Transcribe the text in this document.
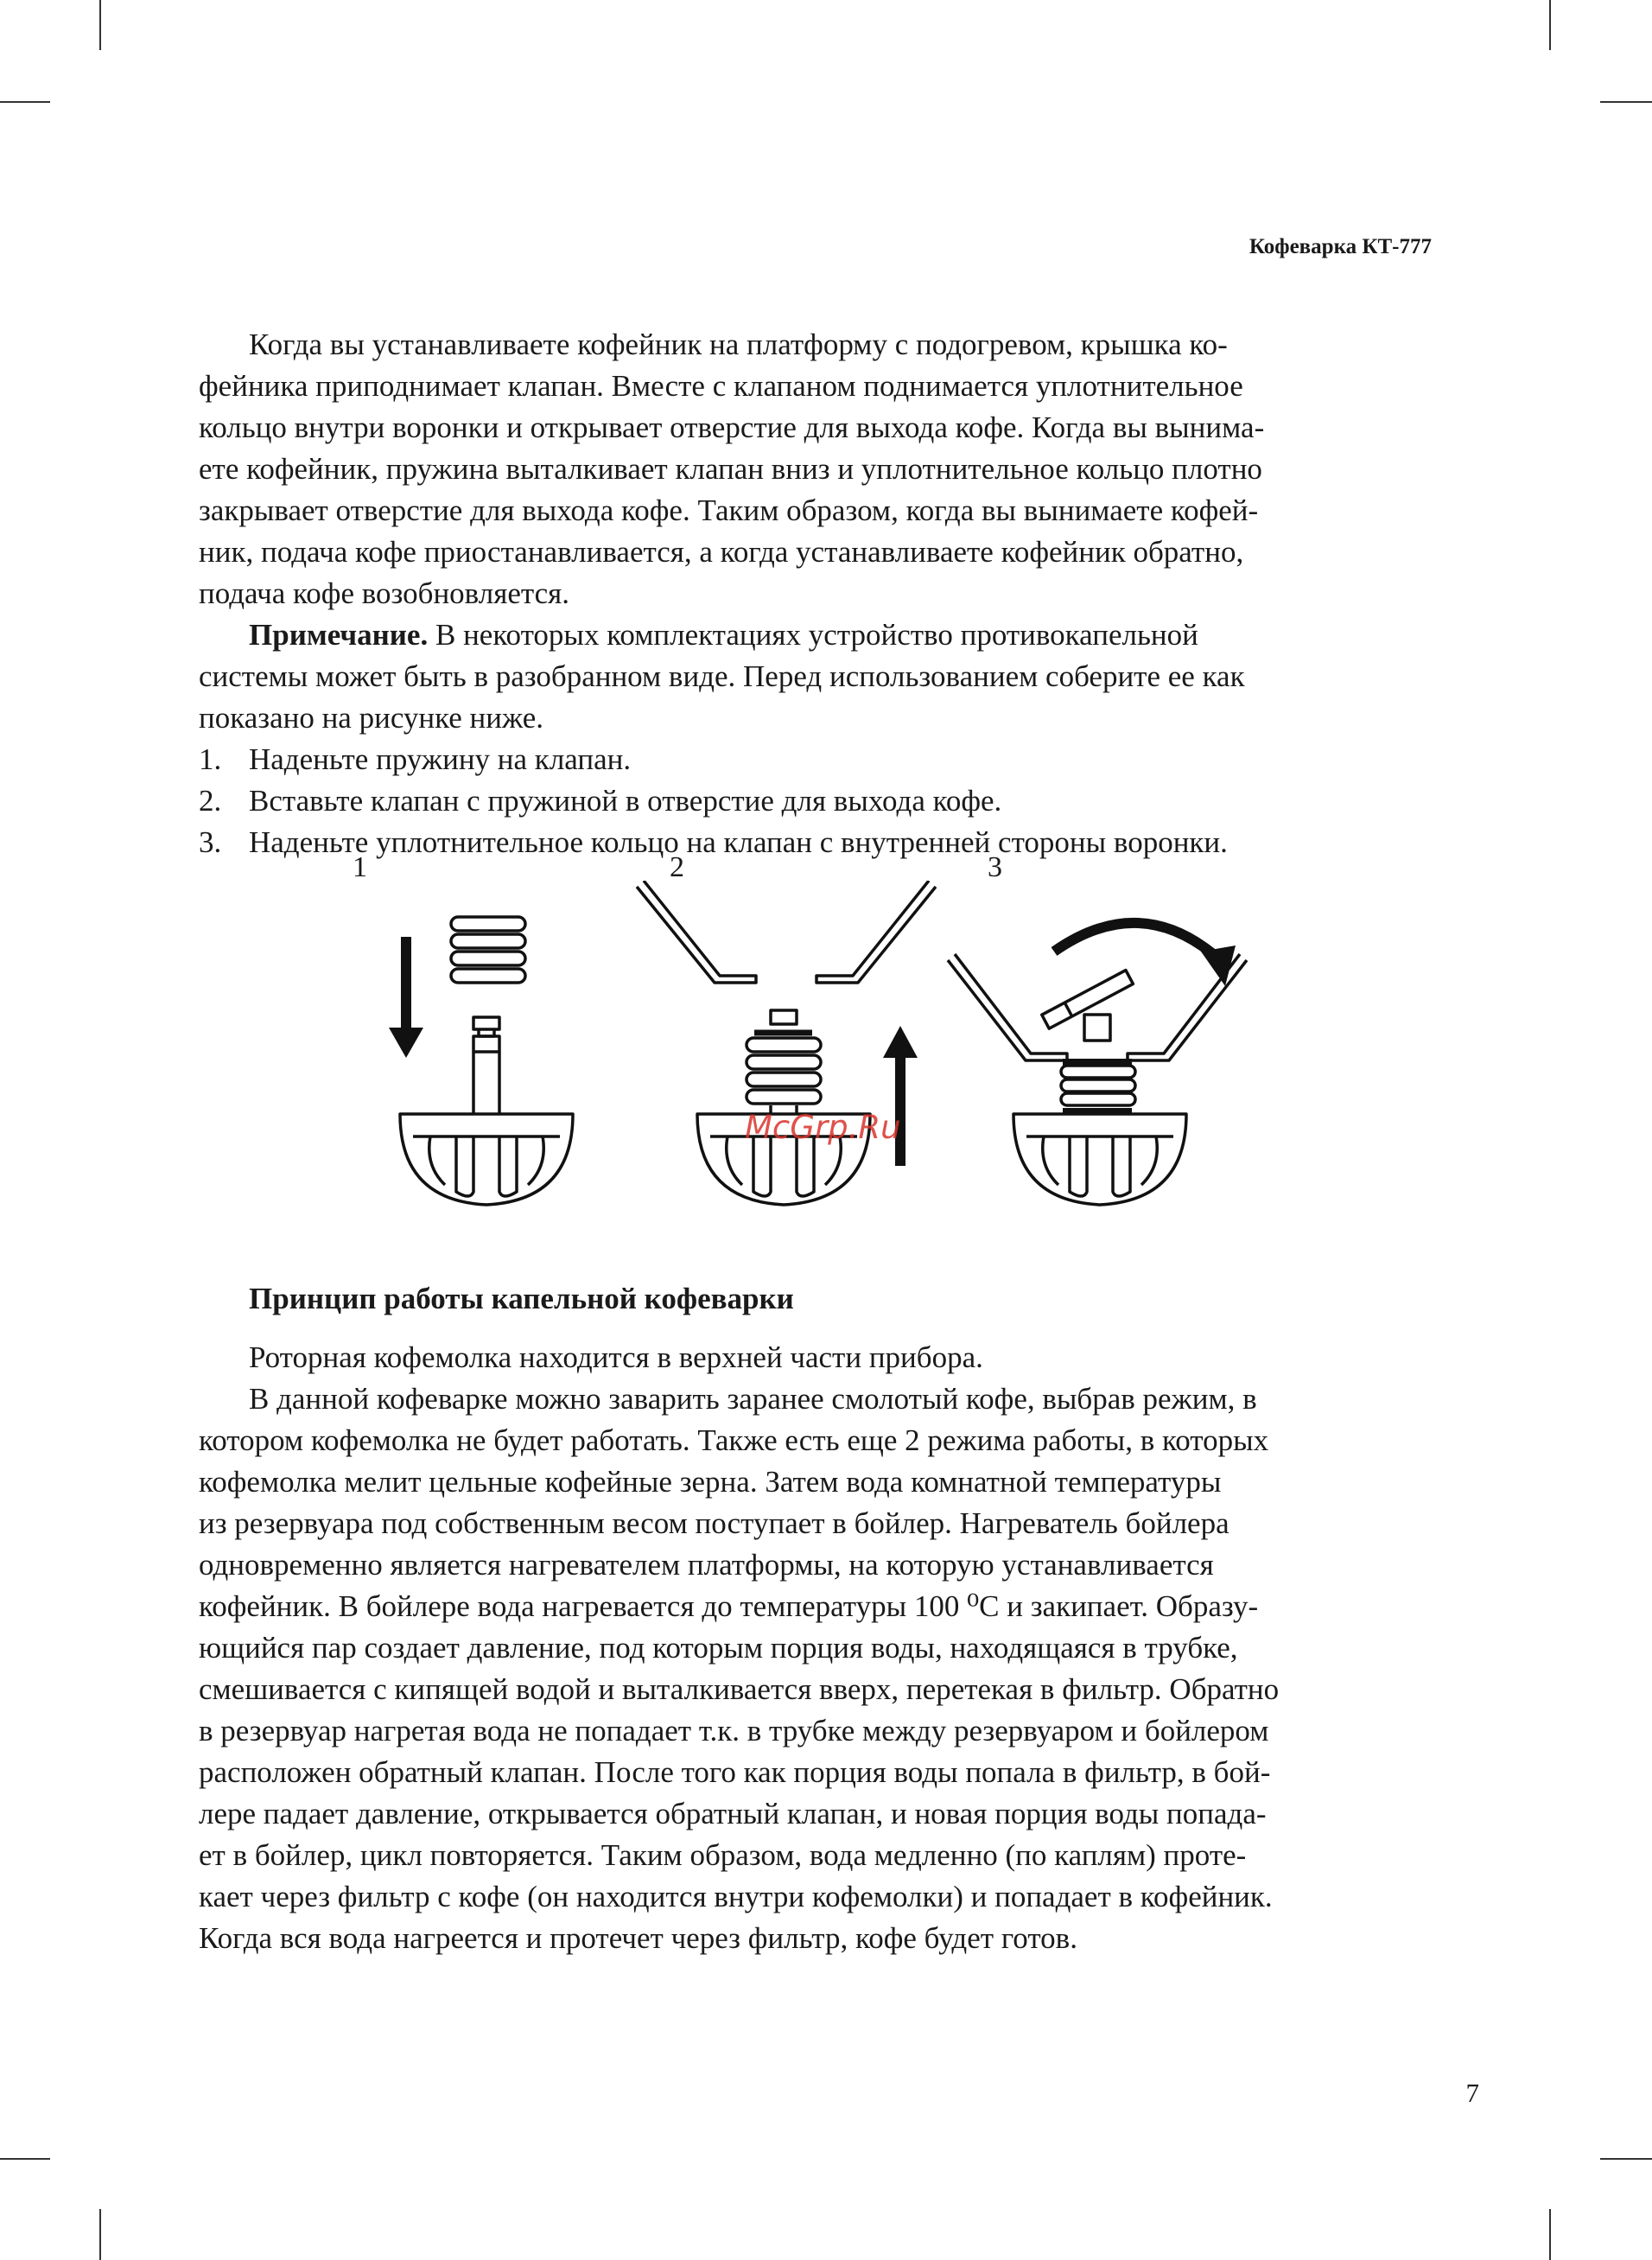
Кофеварка КТ-777

Когда вы устанавливаете кофейник на платформу с подогревом, крышка ко-
фейника приподнимает клапан. Вместе с клапаном поднимается уплотнительное
кольцо внутри воронки и открывает отверстие для выхода кофе. Когда вы вынима-
ете кофейник, пружина выталкивает клапан вниз и уплотнительное кольцо плотно
закрывает отверстие для выхода кофе. Таким образом, когда вы вынимаете кофей-
ник, подача кофе приостанавливается, а когда устанавливаете кофейник обратно,
подача кофе возобновляется.

Примечание. В некоторых комплектациях устройство противокапельной
системы может быть в разобранном виде. Перед использованием соберите ее как
показано на рисунке ниже.

1. Наденьте пружину на клапан.
2. Вставьте клапан с пружиной в отверстие для выхода кофе.
3. Наденьте уплотнительное кольцо на клапан с внутренней стороны воронки.
Принцип работы капельной кофеварки

Роторная кофемолка находится в верхней части прибора.

В данной кофеварке можно заварить заранее смолотый кофе, выбрав режим, в
котором кофемолка не будет работать. Также есть еще 2 режима работы, в которых
кофемолка мелит цельные кофейные зерна. Затем вода комнатной температуры
из резервуара под собственным весом поступает в бойлер. Нагреватель бойлера
одновременно является нагревателем платформы, на которую устанавливается
кофейник. В бойлере вода нагревается до температуры 100 ⁰С и закипает. Образу-
ющийся пар создает давление, под которым порция воды, находящаяся в трубке,
смешивается с кипящей водой и выталкивается вверх, перетекая в фильтр. Обратно
в резервуар нагретая вода не попадает т.к. в трубке между резервуаром и бойлером
расположен обратный клапан. После того как порция воды попала в фильтр, в бой-
лере падает давление, открывается обратный клапан, и новая порция воды попада-
ет в бойлер, цикл повторяется. Таким образом, вода медленно (по каплям) проте-
кает через фильтр с кофе (он находится внутри кофемолки) и попадает в кофейник.
Когда вся вода нагреется и протечет через фильтр, кофе будет готов.

1	2	3
McGrp.Ru
7
